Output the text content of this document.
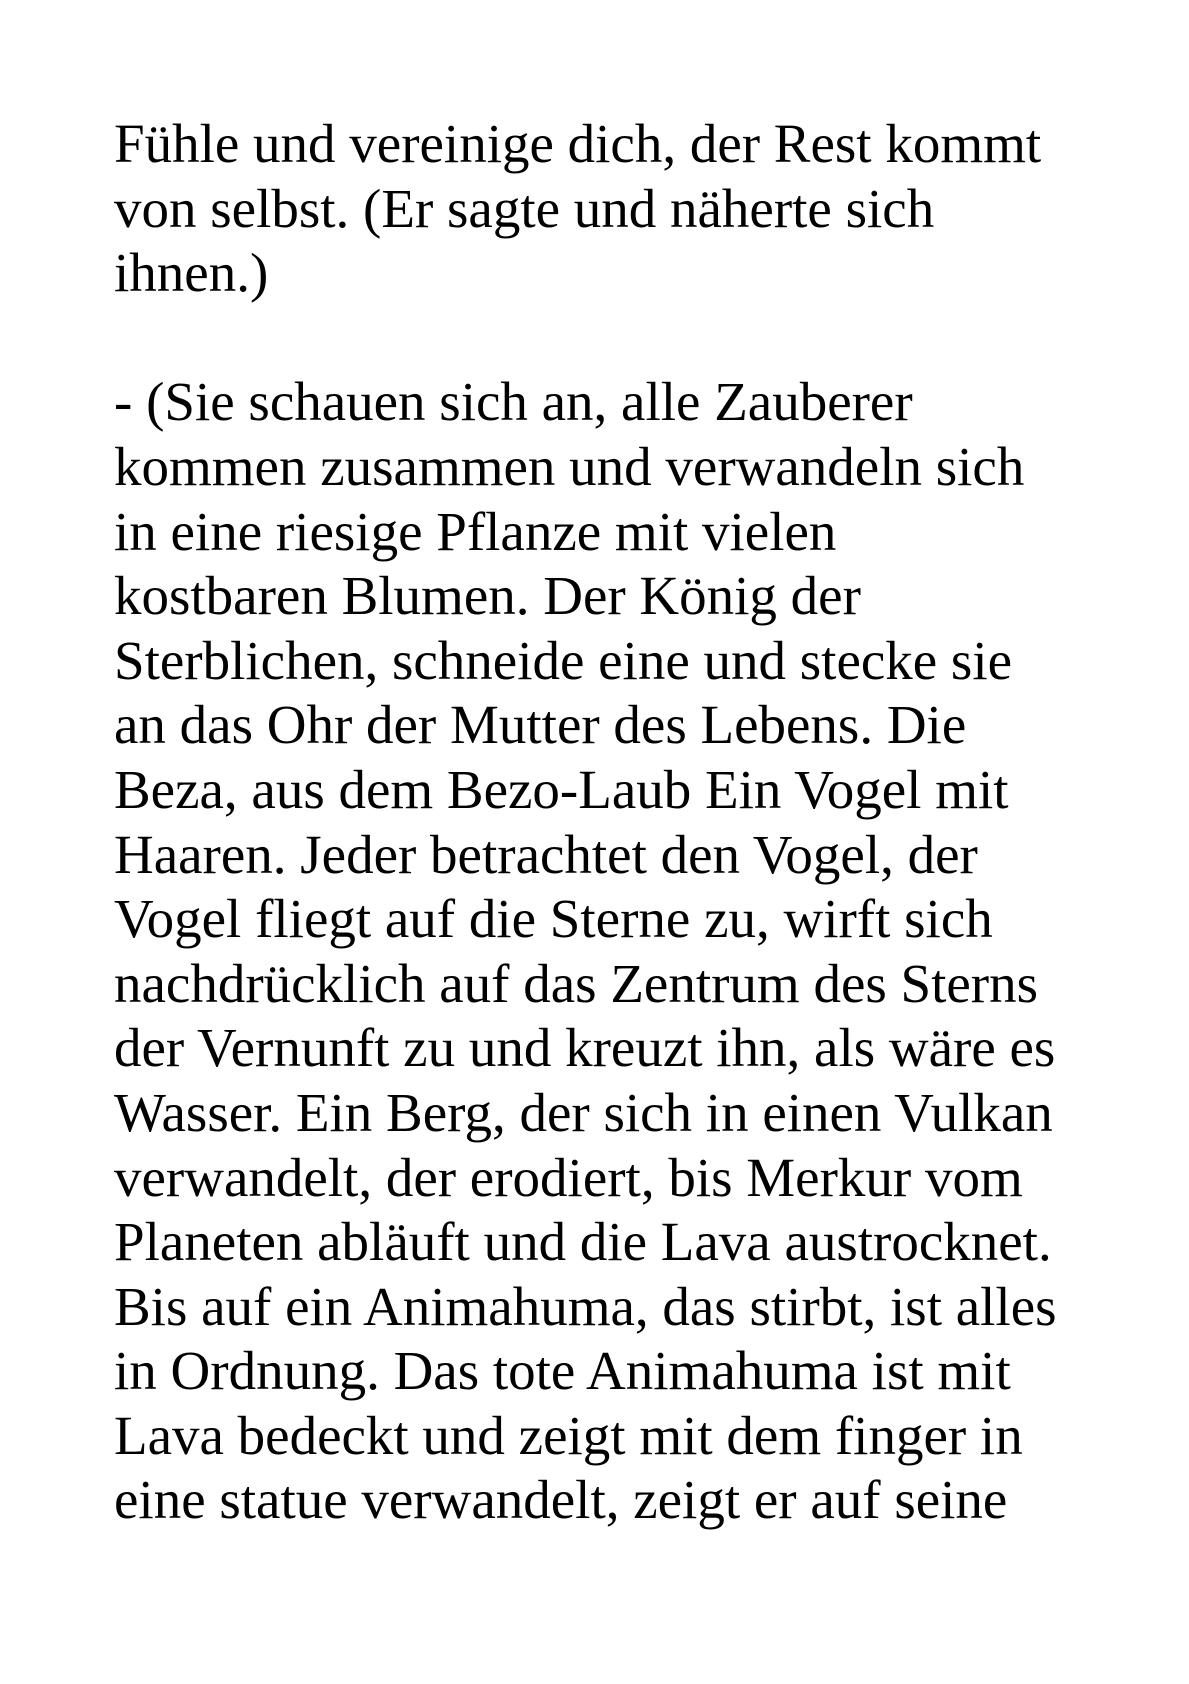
Fühle und vereinige dich, der Rest kommt
von selbst. (Er sagte und näherte sich
ihnen.)
- (Sie schauen sich an, alle Zauberer
kommen zusammen und verwandeln sich
in eine riesige Pflanze mit vielen
kostbaren Blumen. Der König der
Sterblichen, schneide eine und stecke sie
an das Ohr der Mutter des Lebens. Die
Beza, aus dem Bezo-Laub Ein Vogel mit
Haaren. Jeder betrachtet den Vogel, der
Vogel fliegt auf die Sterne zu, wirft sich
nachdrücklich auf das Zentrum des Sterns
der Vernunft zu und kreuzt ihn, als wäre es
Wasser. Ein Berg, der sich in einen Vulkan
verwandelt, der erodiert, bis Merkur vom
Planeten abläuft und die Lava austrocknet.
Bis auf ein Animahuma, das stirbt, ist alles
in Ordnung. Das tote Animahuma ist mit
Lava bedeckt und zeigt mit dem finger in
eine statue verwandelt, zeigt er auf seine
